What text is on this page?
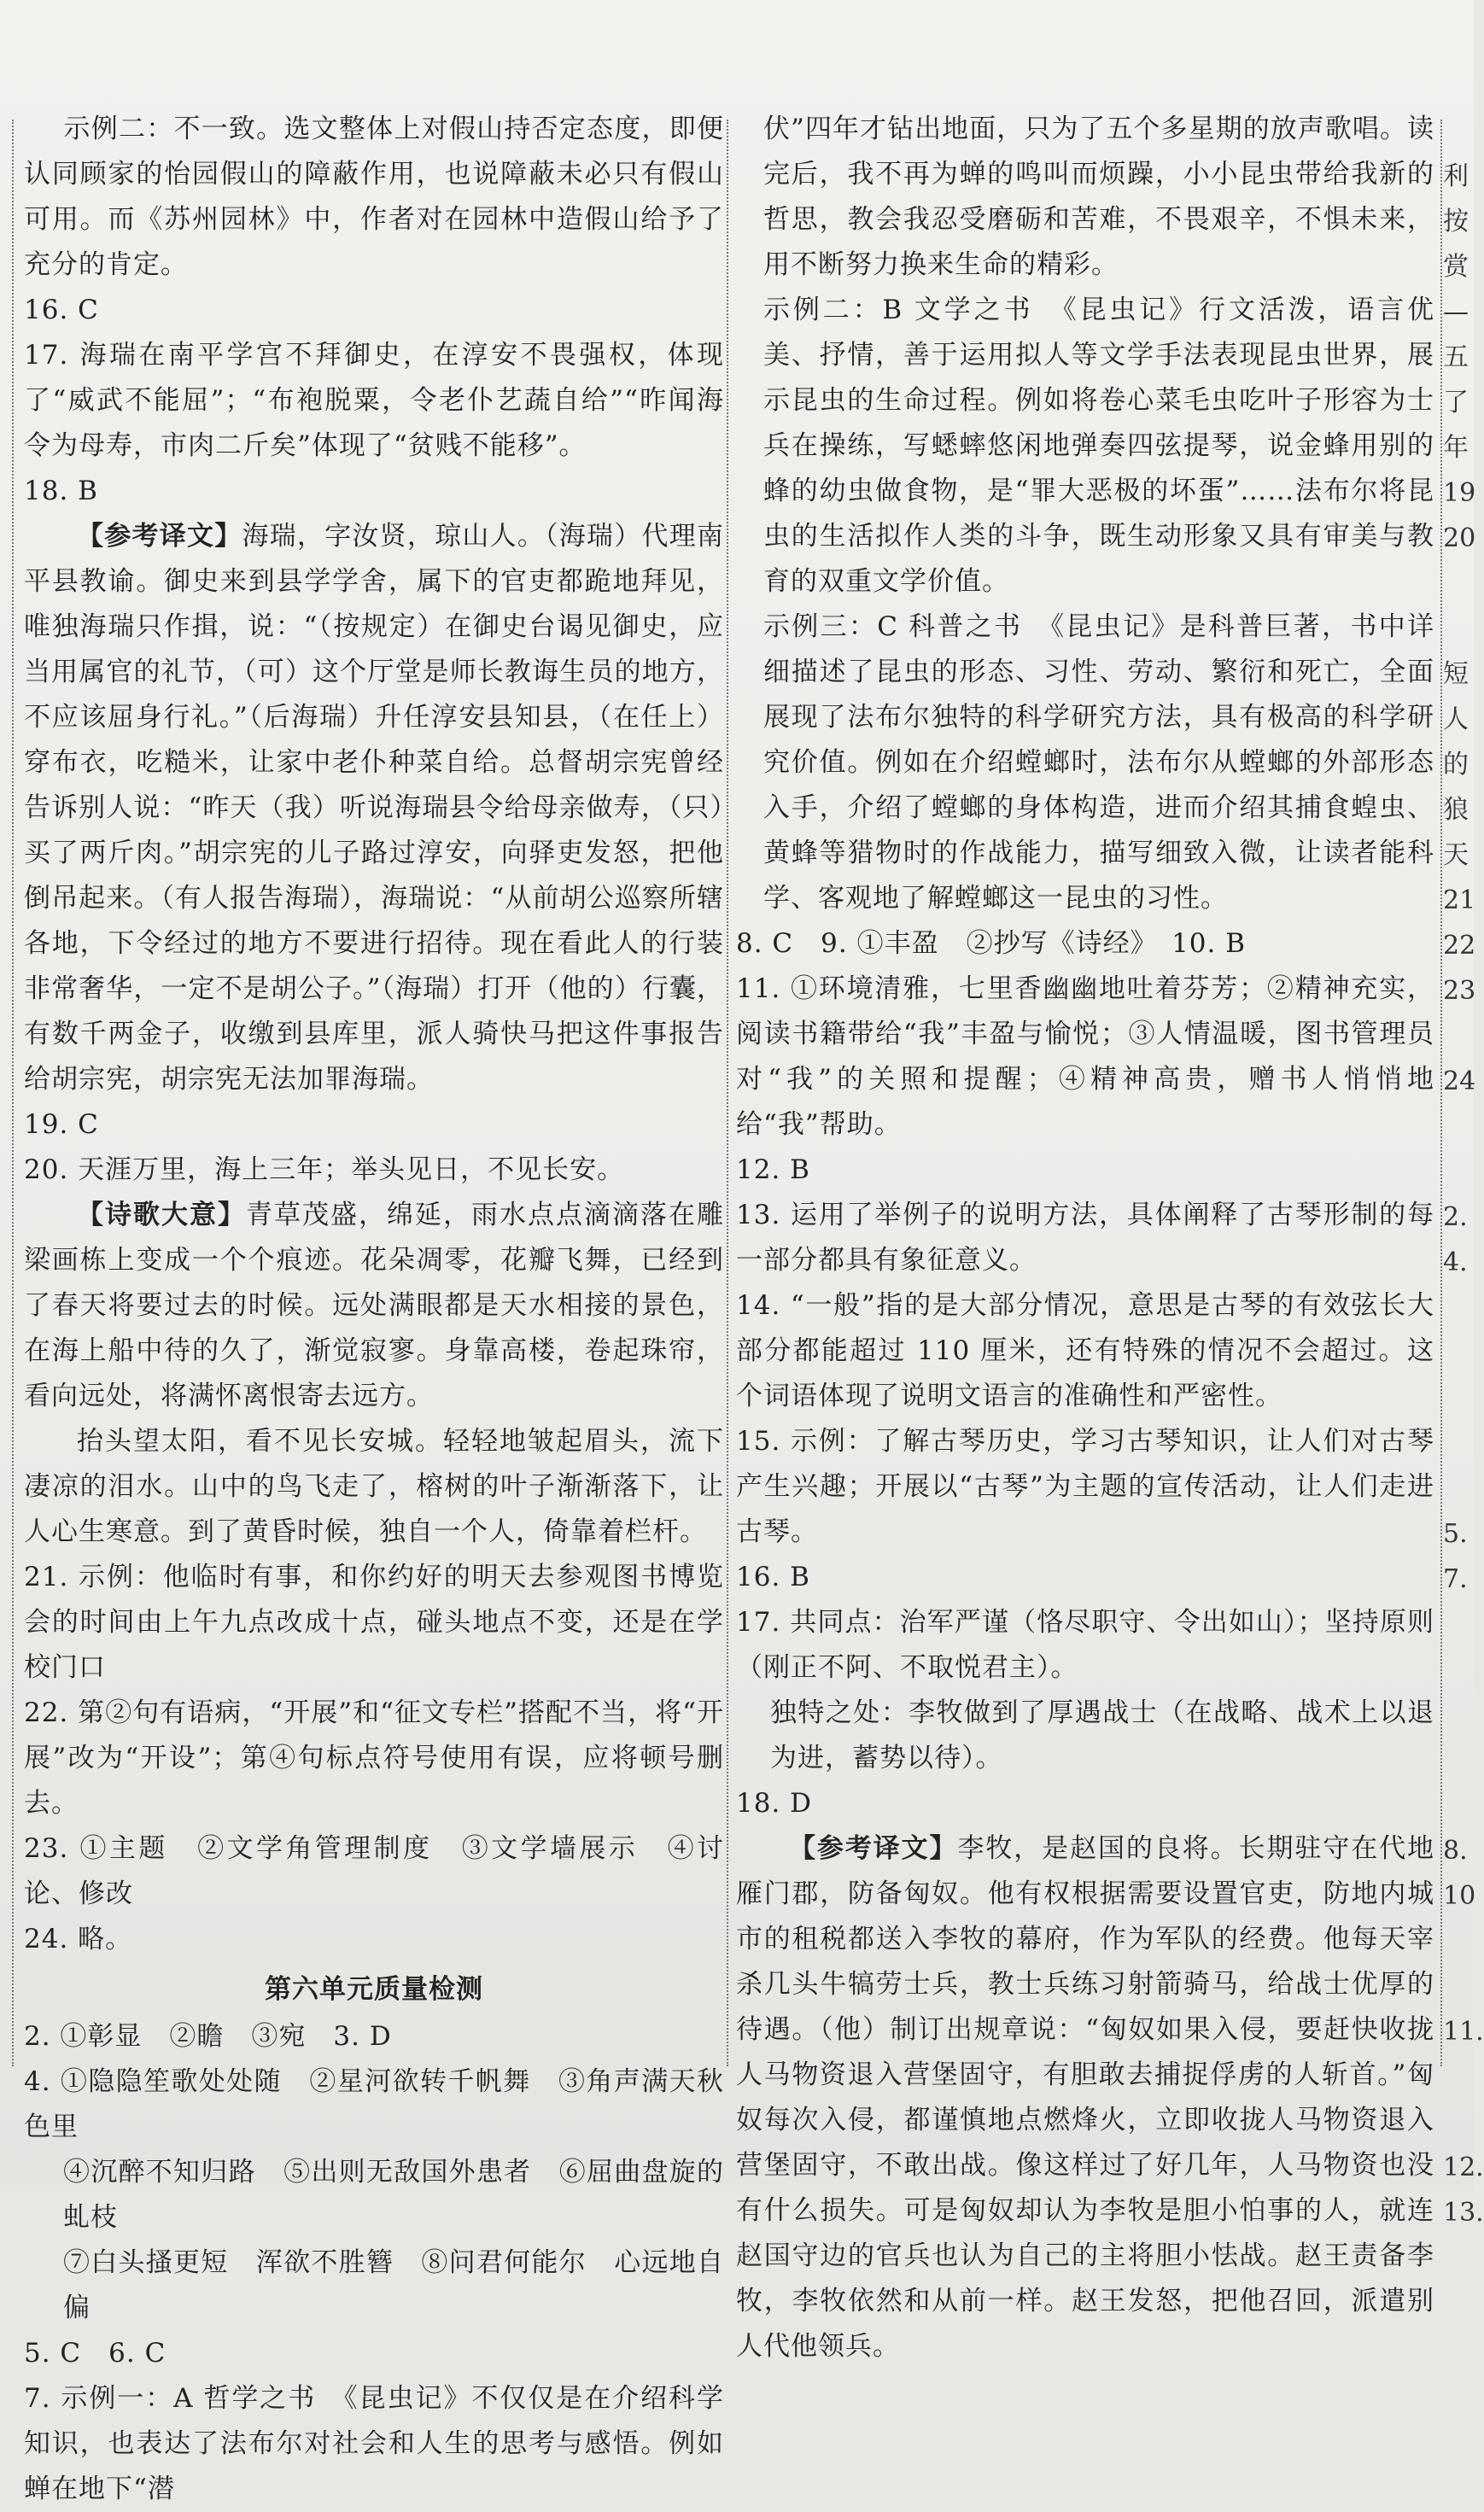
示例二：不一致。选文整体上对假山持否定态度，即便认同顾家的怡园假山的障蔽作用，也说障蔽未必只有假山可用。而《苏州园林》中，作者对在园林中造假山给予了充分的肯定。

16. C

17. 海瑞在南平学宫不拜御史，在淳安不畏强权，体现了“威武不能屈”；“布袍脱粟，令老仆艺蔬自给”“昨闻海令为母寿，市肉二斤矣”体现了“贫贱不能移”。

18. B

【参考译文】海瑞，字汝贤，琼山人。（海瑞）代理南平县教谕。御史来到县学学舍，属下的官吏都跪地拜见，唯独海瑞只作揖，说：“（按规定）在御史台谒见御史，应当用属官的礼节，（可）这个厅堂是师长教诲生员的地方，不应该屈身行礼。”（后海瑞）升任淳安县知县，（在任上）穿布衣，吃糙米，让家中老仆种菜自给。总督胡宗宪曾经告诉别人说：“昨天（我）听说海瑞县令给母亲做寿，（只）买了两斤肉。”胡宗宪的儿子路过淳安，向驿吏发怒，把他倒吊起来。（有人报告海瑞），海瑞说：“从前胡公巡察所辖各地，下令经过的地方不要进行招待。现在看此人的行装非常奢华，一定不是胡公子。”（海瑞）打开（他的）行囊，有数千两金子，收缴到县库里，派人骑快马把这件事报告给胡宗宪，胡宗宪无法加罪海瑞。

19. C

20. 天涯万里，海上三年；举头见日，不见长安。

【诗歌大意】青草茂盛，绵延，雨水点点滴滴落在雕梁画栋上变成一个个痕迹。花朵凋零，花瓣飞舞，已经到了春天将要过去的时候。远处满眼都是天水相接的景色，在海上船中待的久了，渐觉寂寥。身靠高楼，卷起珠帘，看向远处，将满怀离恨寄去远方。

抬头望太阳，看不见长安城。轻轻地皱起眉头，流下凄凉的泪水。山中的鸟飞走了，榕树的叶子渐渐落下，让人心生寒意。到了黄昏时候，独自一个人，倚靠着栏杆。

21. 示例：他临时有事，和你约好的明天去参观图书博览会的时间由上午九点改成十点，碰头地点不变，还是在学校门口

22. 第②句有语病，“开展”和“征文专栏”搭配不当，将“开展”改为“开设”；第④句标点符号使用有误，应将顿号删去。

23. ①主题　②文学角管理制度　③文学墙展示　④讨论、修改

24. 略。

第六单元质量检测

2. ①彰显　②瞻　③宛　3. D

4. ①隐隐笙歌处处随　②星河欲转千帆舞　③角声满天秋色里

④沉醉不知归路　⑤出则无敌国外患者　⑥屈曲盘旋的虬枝

⑦白头搔更短　浑欲不胜簪　⑧问君何能尔　心远地自偏

5. C　6. C

7. 示例一：A 哲学之书　《昆虫记》不仅仅是在介绍科学知识，也表达了法布尔对社会和人生的思考与感悟。例如蝉在地下“潜

伏”四年才钻出地面，只为了五个多星期的放声歌唱。读完后，我不再为蝉的鸣叫而烦躁，小小昆虫带给我新的哲思，教会我忍受磨砺和苦难，不畏艰辛，不惧未来，用不断努力换来生命的精彩。

示例二：B 文学之书　《昆虫记》行文活泼，语言优美、抒情，善于运用拟人等文学手法表现昆虫世界，展示昆虫的生命过程。例如将卷心菜毛虫吃叶子形容为士兵在操练，写蟋蟀悠闲地弹奏四弦提琴，说金蜂用别的蜂的幼虫做食物，是“罪大恶极的坏蛋”……法布尔将昆虫的生活拟作人类的斗争，既生动形象又具有审美与教育的双重文学价值。

示例三：C 科普之书　《昆虫记》是科普巨著，书中详细描述了昆虫的形态、习性、劳动、繁衍和死亡，全面展现了法布尔独特的科学研究方法，具有极高的科学研究价值。例如在介绍螳螂时，法布尔从螳螂的外部形态入手，介绍了螳螂的身体构造，进而介绍其捕食蝗虫、黄蜂等猎物时的作战能力，描写细致入微，让读者能科学、客观地了解螳螂这一昆虫的习性。

8. C　9. ①丰盈　②抄写《诗经》　10. B

11. ①环境清雅，七里香幽幽地吐着芬芳；②精神充实，阅读书籍带给“我”丰盈与愉悦；③人情温暖，图书管理员对“我”的关照和提醒；④精神高贵，赠书人悄悄地给“我”帮助。

12. B

13. 运用了举例子的说明方法，具体阐释了古琴形制的每一部分都具有象征意义。

14. “一般”指的是大部分情况，意思是古琴的有效弦长大部分都能超过 110 厘米，还有特殊的情况不会超过。这个词语体现了说明文语言的准确性和严密性。

15. 示例：了解古琴历史，学习古琴知识，让人们对古琴产生兴趣；开展以“古琴”为主题的宣传活动，让人们走进古琴。

16. B

17. 共同点：治军严谨（恪尽职守、令出如山）；坚持原则（刚正不阿、不取悦君主）。

独特之处：李牧做到了厚遇战士（在战略、战术上以退为进，蓄势以待）。

18. D

【参考译文】李牧，是赵国的良将。长期驻守在代地雁门郡，防备匈奴。他有权根据需要设置官吏，防地内城市的租税都送入李牧的幕府，作为军队的经费。他每天宰杀几头牛犒劳士兵，教士兵练习射箭骑马，给战士优厚的待遇。（他）制订出规章说：“匈奴如果入侵，要赶快收拢人马物资退入营堡固守，有胆敢去捕捉俘虏的人斩首。”匈奴每次入侵，都谨慎地点燃烽火，立即收拢人马物资退入营堡固守，不敢出战。像这样过了好几年，人马物资也没有什么损失。可是匈奴却认为李牧是胆小怕事的人，就连赵国守边的官兵也认为自己的主将胆小怯战。赵王责备李牧，李牧依然和从前一样。赵王发怒，把他召回，派遣别人代他领兵。

利
按
赏
—
五
了
年
19
20
短
人
的
狼
天
21
22
23
24
2.
4.
5.
7.
8.
10
11.
12.
13.
